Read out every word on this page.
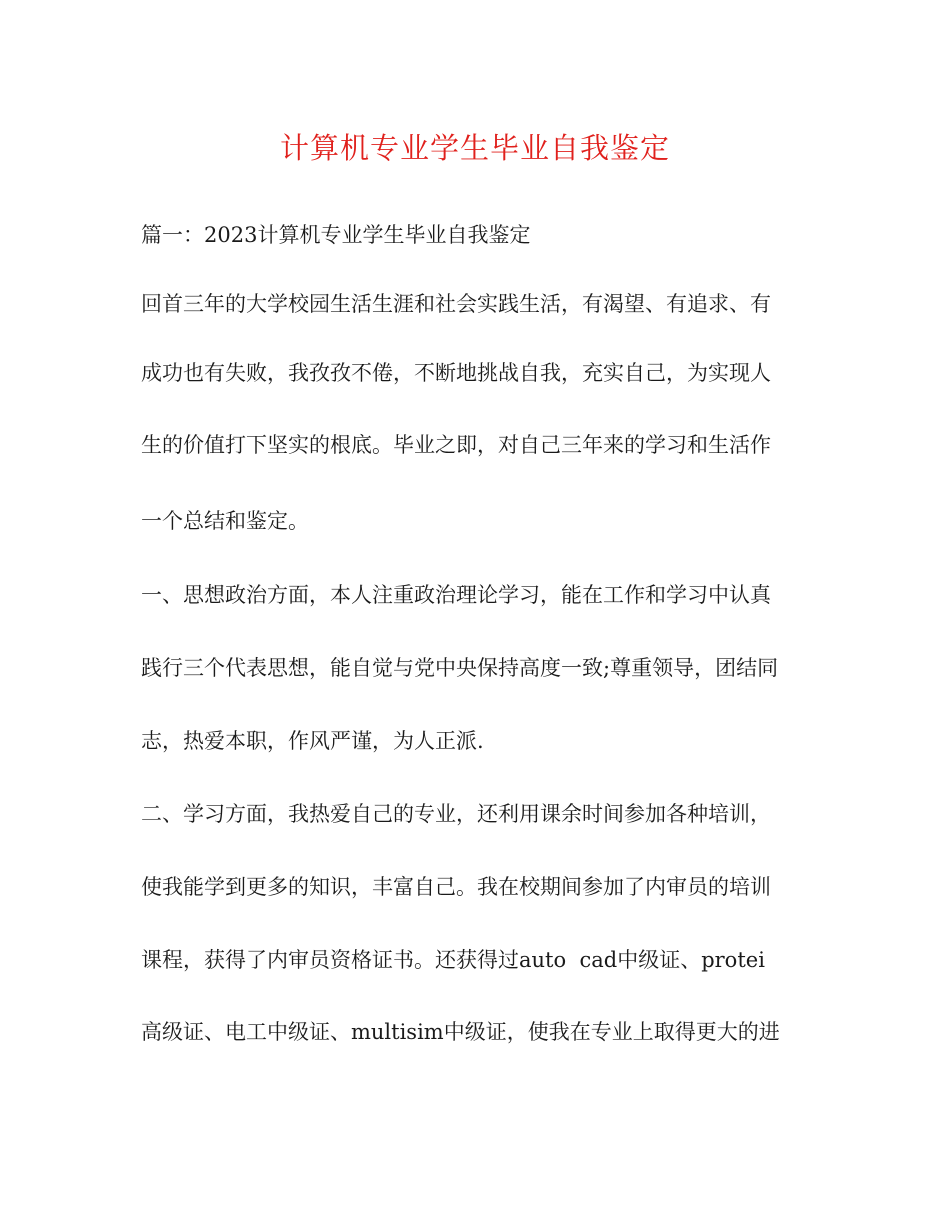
计算机专业学生毕业自我鉴定
篇一：2023计算机专业学生毕业自我鉴定
回首三年的大学校园生活生涯和社会实践生活，有渴望、有追求、有
成功也有失败，我孜孜不倦，不断地挑战自我，充实自己，为实现人
生的价值打下坚实的根底。毕业之即，对自己三年来的学习和生活作
一个总结和鉴定。
一、思想政治方面，本人注重政治理论学习，能在工作和学习中认真
践行三个代表思想，能自觉与党中央保持高度一致;尊重领导，团结同
志，热爱本职，作风严谨，为人正派.
二、学习方面，我热爱自己的专业，还利用课余时间参加各种培训，
使我能学到更多的知识，丰富自己。我在校期间参加了内审员的培训
课程，获得了内审员资格证书。还获得过auto  cad中级证、protei
高级证、电工中级证、multisim中级证，使我在专业上取得更大的进
